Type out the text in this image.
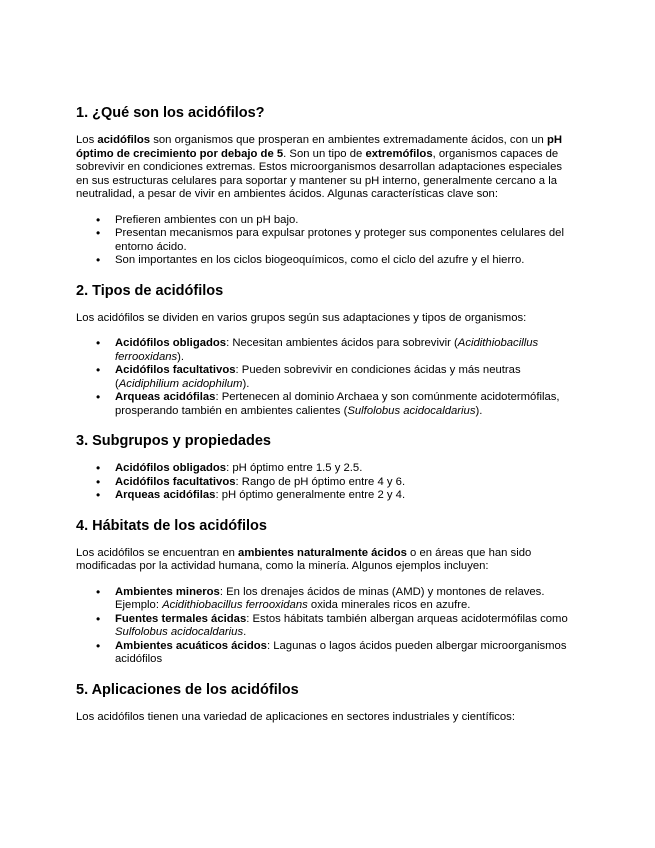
1. ¿Qué son los acidófilos?

Los acidófilos son organismos que prosperan en ambientes extremadamente ácidos, con un pH óptimo de crecimiento por debajo de 5. Son un tipo de extremófilos, organismos capaces de sobrevivir en condiciones extremas. Estos microorganismos desarrollan adaptaciones especiales en sus estructuras celulares para soportar y mantener su pH interno, generalmente cercano a la neutralidad, a pesar de vivir en ambientes ácidos. Algunas características clave son:

• Prefieren ambientes con un pH bajo.
• Presentan mecanismos para expulsar protones y proteger sus componentes celulares del entorno ácido.
• Son importantes en los ciclos biogeoquímicos, como el ciclo del azufre y el hierro.
2. Tipos de acidófilos

Los acidófilos se dividen en varios grupos según sus adaptaciones y tipos de organismos:

• Acidófilos obligados: Necesitan ambientes ácidos para sobrevivir (Acidithiobacillus ferrooxidans).
• Acidófilos facultativos: Pueden sobrevivir en condiciones ácidas y más neutras (Acidiphilium acidophilum).
• Arqueas acidófilas: Pertenecen al dominio Archaea y son comúnmente acidotermófilas, prosperando también en ambientes calientes (Sulfolobus acidocaldarius).
3. Subgrupos y propiedades
• Acidófilos obligados: pH óptimo entre 1.5 y 2.5.
• Acidófilos facultativos: Rango de pH óptimo entre 4 y 6.
• Arqueas acidófilas: pH óptimo generalmente entre 2 y 4.
4. Hábitats de los acidófilos

Los acidófilos se encuentran en ambientes naturalmente ácidos o en áreas que han sido modificadas por la actividad humana, como la minería. Algunos ejemplos incluyen:

• Ambientes mineros: En los drenajes ácidos de minas (AMD) y montones de relaves. Ejemplo: Acidithiobacillus ferrooxidans oxida minerales ricos en azufre.
• Fuentes termales ácidas: Estos hábitats también albergan arqueas acidotermófilas como Sulfolobus acidocaldarius.
• Ambientes acuáticos ácidos: Lagunas o lagos ácidos pueden albergar microorganismos acidófilos
5. Aplicaciones de los acidófilos

Los acidófilos tienen una variedad de aplicaciones en sectores industriales y científicos:
